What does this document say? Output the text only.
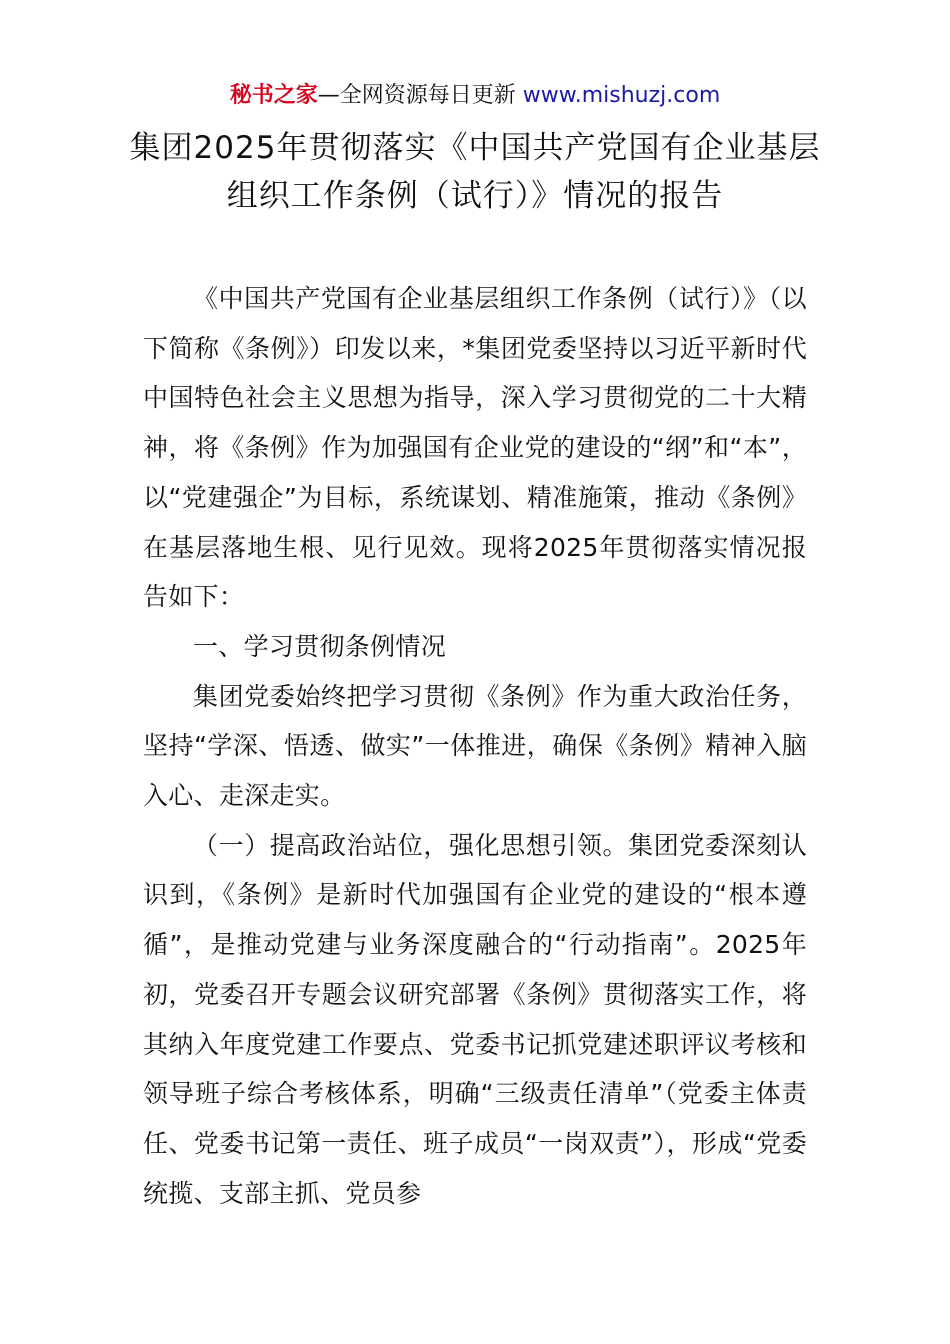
秘书之家—全网资源每日更新 www.mishuzj.com
集团2025年贯彻落实《中国共产党国有企业基层组织工作条例（试行）》情况的报告

《中国共产党国有企业基层组织工作条例（试行）》（以下简称《条例》）印发以来，*集团党委坚持以习近平新时代中国特色社会主义思想为指导，深入学习贯彻党的二十大精神，将《条例》作为加强国有企业党的建设的“纲”和“本”，以“党建强企”为目标，系统谋划、精准施策，推动《条例》在基层落地生根、见行见效。现将2025年贯彻落实情况报告如下：

一、学习贯彻条例情况

集团党委始终把学习贯彻《条例》作为重大政治任务，坚持“学深、悟透、做实”一体推进，确保《条例》精神入脑入心、走深走实。

（一）提高政治站位，强化思想引领。集团党委深刻认识到，《条例》是新时代加强国有企业党的建设的“根本遵循”，是推动党建与业务深度融合的“行动指南”。2025年初，党委召开专题会议研究部署《条例》贯彻落实工作，将其纳入年度党建工作要点、党委书记抓党建述职评议考核和领导班子综合考核体系，明确“三级责任清单”（党委主体责任、党委书记第一责任、班子成员“一岗双责”），形成“党委统揽、支部主抓、党员参
